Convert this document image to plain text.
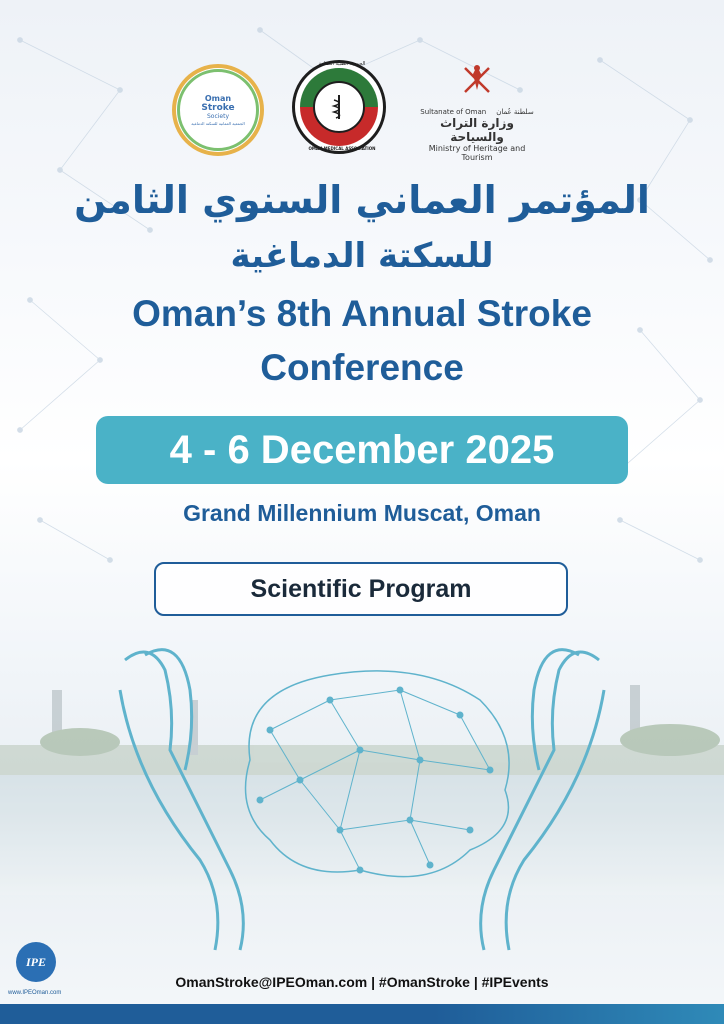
Oman
Stroke
Society
الجمعية العمانية للسكتة الدماغية
الجمعية الطبية العمانية
OMAN MEDICAL ASSOCIATION
Sultanate of Oman سلطنة عُمان
وزارة التراث والسياحة
Ministry of Heritage and Tourism
المؤتمر العماني السنوي الثامن
للسكتة الدماغية
Oman’s 8th Annual Stroke
Conference
4 - 6 December 2025
Grand Millennium Muscat, Oman
Scientific Program
IPE
www.IPEOman.com
OmanStroke@IPEOman.com | #OmanStroke | #IPEvents
